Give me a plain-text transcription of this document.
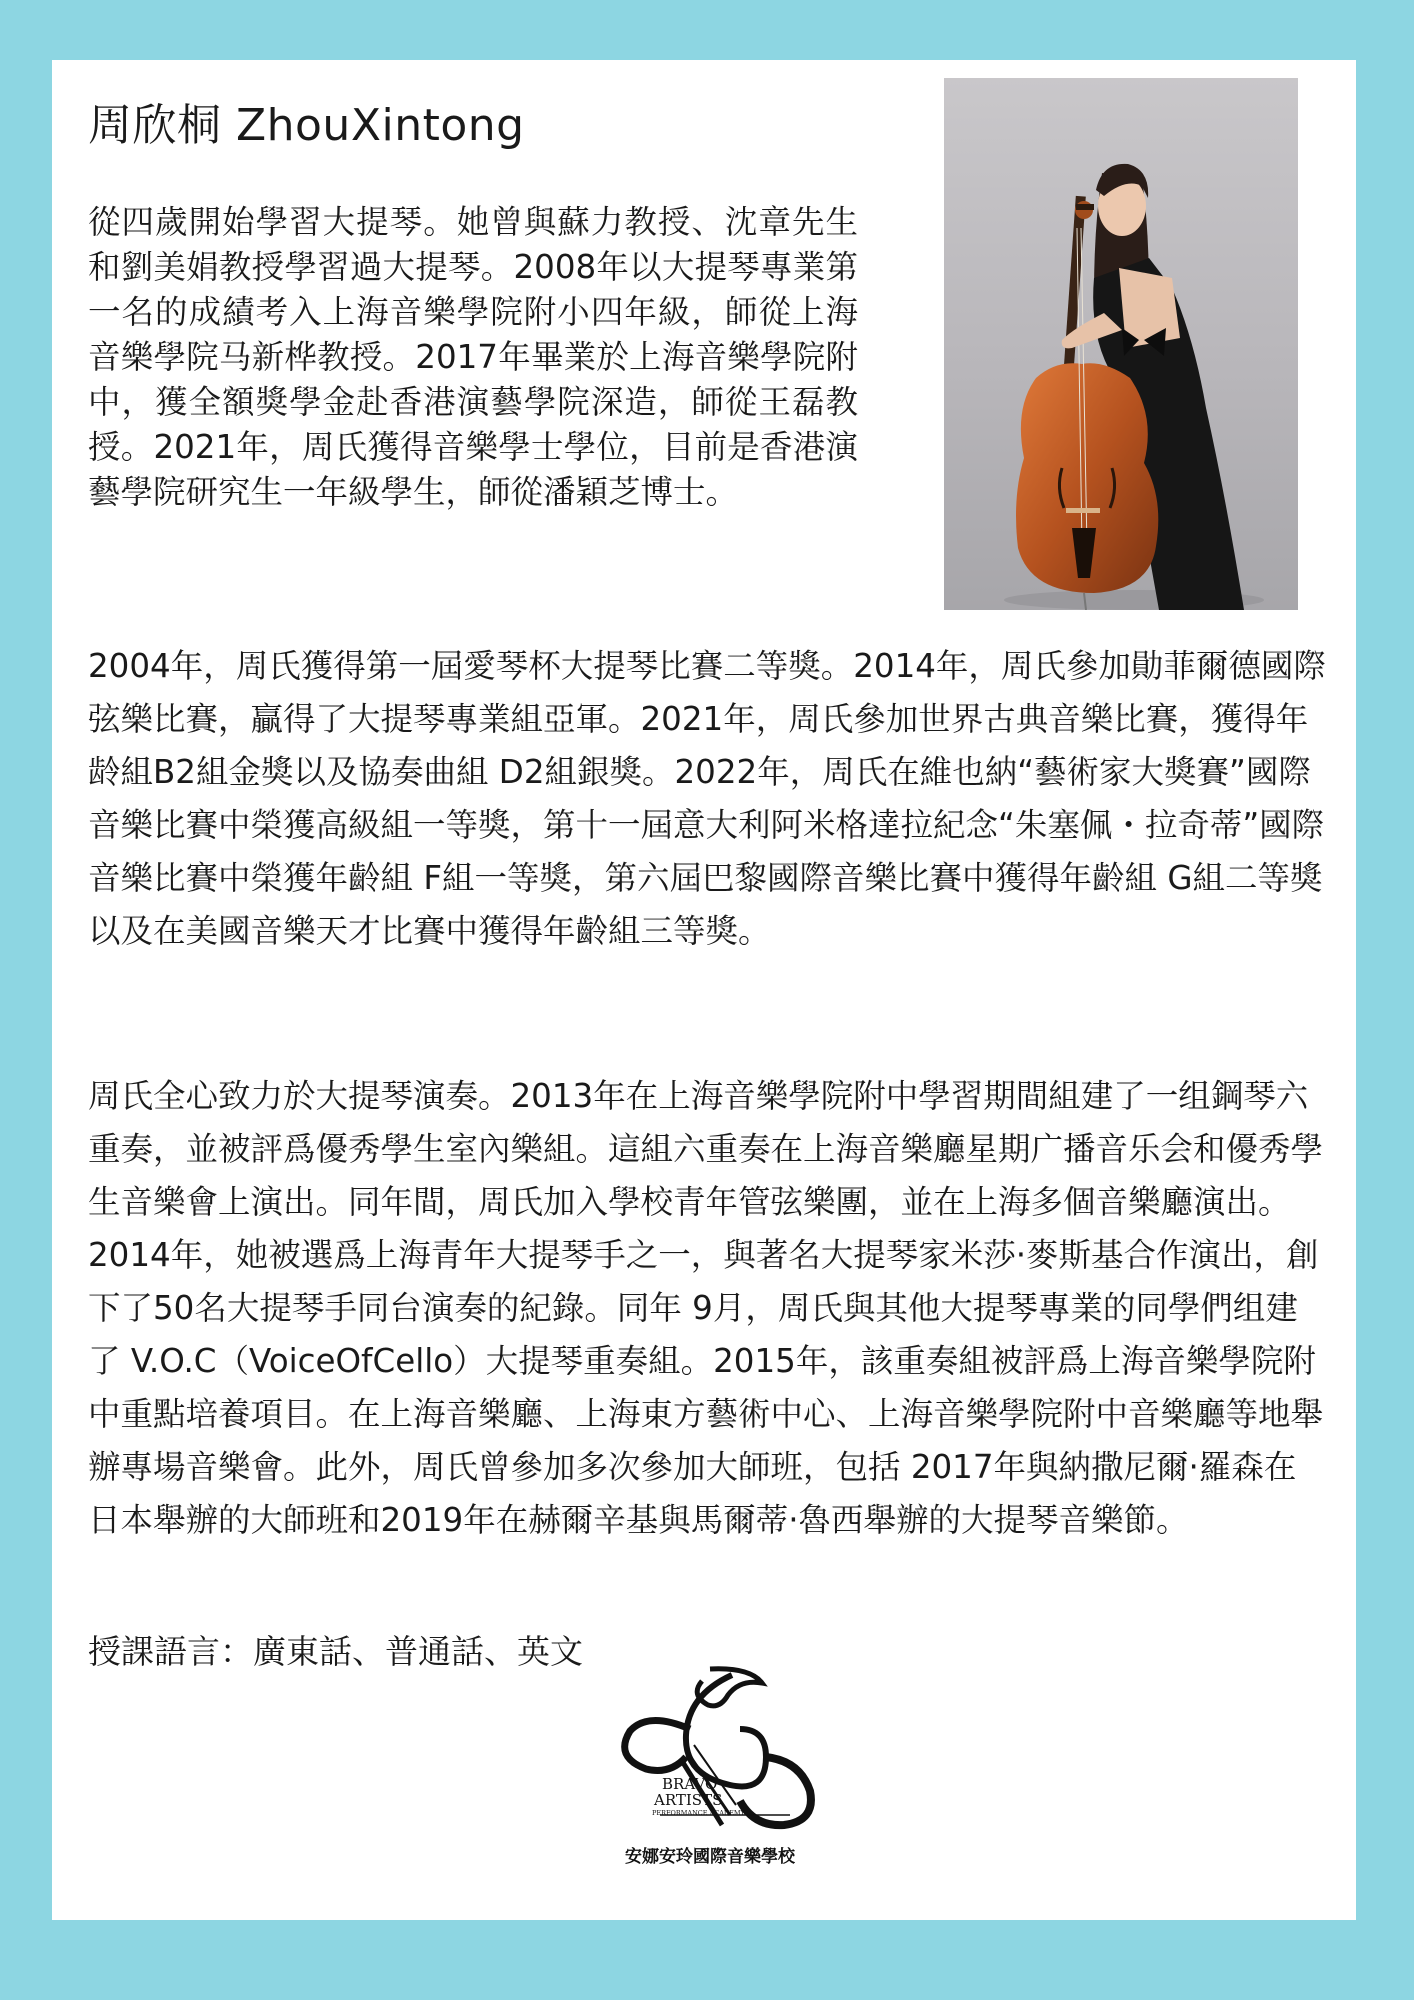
周欣桐 ZhouXintong

從四歲開始學習大提琴。她曾與蘇力教授、沈章先生和劉美娟教授學習過大提琴。2008年以大提琴專業第一名的成績考入上海音樂學院附小四年級，師從上海音樂學院马新桦教授。2017年畢業於上海音樂學院附中，獲全額獎學金赴香港演藝學院深造，師從王磊教授。2021年，周氏獲得音樂學士學位，目前是香港演藝學院研究生一年級學生，師從潘穎芝博士。

2004年，周氏獲得第一屆愛琴杯大提琴比賽二等獎。2014年，周氏參加勛菲爾德國際弦樂比賽，贏得了大提琴專業組亞軍。2021年，周氏參加世界古典音樂比賽，獲得年龄組B2組金獎以及協奏曲組 D2組銀獎。2022年，周氏在維也納“藝術家大獎賽”國際音樂比賽中榮獲高級組一等獎，第十一屆意大利阿米格達拉紀念“朱塞佩・拉奇蒂”國際音樂比賽中榮獲年齡組 F組一等獎，第六屆巴黎國際音樂比賽中獲得年齡組 G組二等獎以及在美國音樂天才比賽中獲得年齡組三等獎。

周氏全心致力於大提琴演奏。2013年在上海音樂學院附中學習期間組建了一组鋼琴六重奏，並被評爲優秀學生室內樂組。這組六重奏在上海音樂廳星期广播音乐会和優秀學生音樂會上演出。同年間，周氏加入學校青年管弦樂團，並在上海多個音樂廳演出。2014年，她被選爲上海青年大提琴手之一，與著名大提琴家米莎·麥斯基合作演出，創下了50名大提琴手同台演奏的紀錄。同年 9月，周氏與其他大提琴專業的同學們组建了 V.O.C（VoiceOfCello）大提琴重奏組。2015年，該重奏組被評爲上海音樂學院附中重點培養項目。在上海音樂廳、上海東方藝術中心、上海音樂學院附中音樂廳等地舉辦專場音樂會。此外，周氏曾參加多次參加大師班，包括 2017年與納撒尼爾·羅森在日本舉辦的大師班和2019年在赫爾辛基與馬爾蒂·魯西舉辦的大提琴音樂節。

授課語言：廣東話、普通話、英文

BRAVO
ARTISTS
PERFORMANCE ACADEMY
安娜安玲國際音樂學校
